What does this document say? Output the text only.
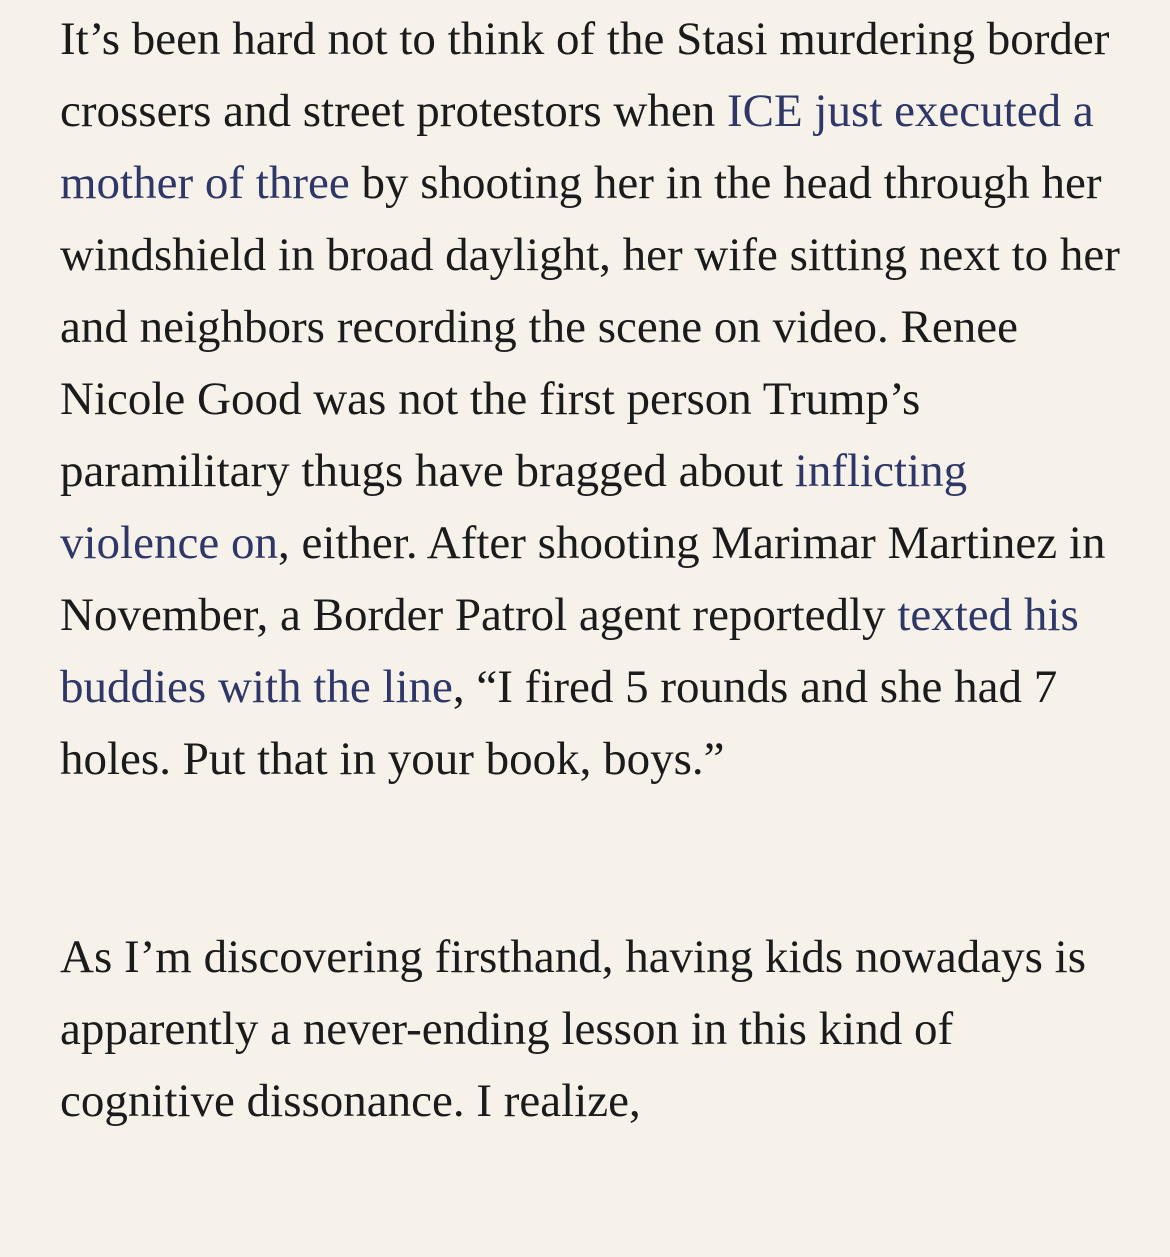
It’s been hard not to think of the Stasi murdering border crossers and street protestors when ICE just executed a mother of three by shooting her in the head through her windshield in broad daylight, her wife sitting next to her and neighbors recording the scene on video. Renee Nicole Good was not the first person Trump’s paramilitary thugs have bragged about inflicting violence on, either. After shooting Marimar Martinez in November, a Border Patrol agent reportedly texted his buddies with the line, “I fired 5 rounds and she had 7 holes. Put that in your book, boys.”

As I’m discovering firsthand, having kids nowadays is apparently a never-ending lesson in this kind of cognitive dissonance. I realize,
